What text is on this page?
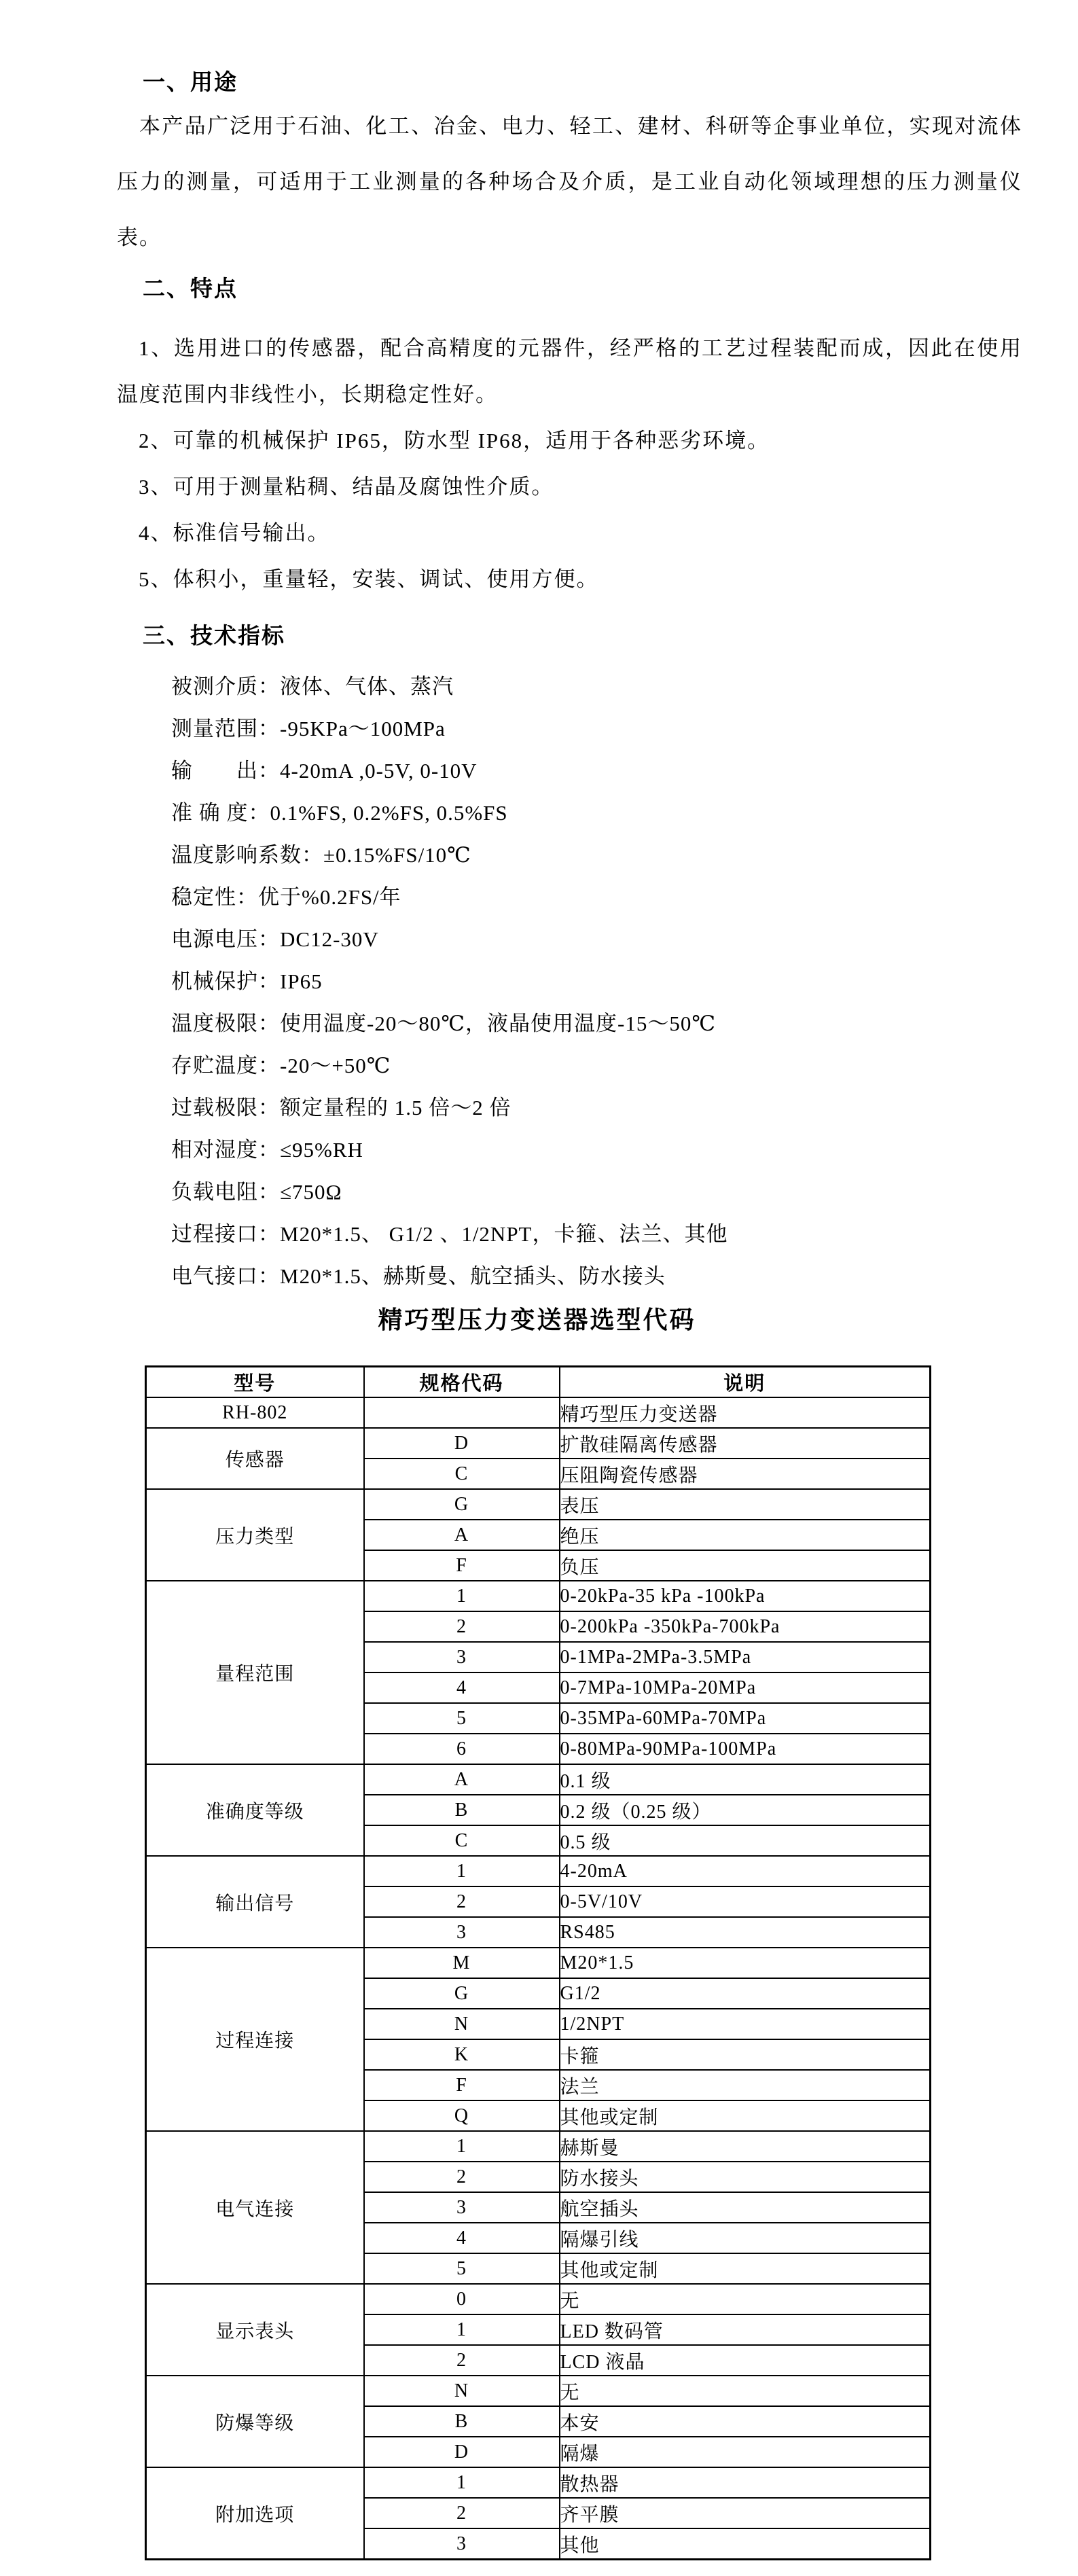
一、用途

本产品广泛用于石油、化工、冶金、电力、轻工、建材、科研等企事业单位，实现对流体压力的测量，可适用于工业测量的各种场合及介质，是工业自动化领域理想的压力测量仪表。

二、特点

1、选用进口的传感器，配合高精度的元器件，经严格的工艺过程装配而成，因此在使用温度范围内非线性小，长期稳定性好。

2、可靠的机械保护 IP65，防水型 IP68，适用于各种恶劣环境。

3、可用于测量粘稠、结晶及腐蚀性介质。

4、标准信号输出。

5、体积小，重量轻，安装、调试、使用方便。

三、技术指标

被测介质：液体、气体、蒸汽

测量范围：-95KPa～100MPa

输　　出：4-20mA ,0-5V, 0-10V

准 确 度：0.1%FS, 0.2%FS, 0.5%FS

温度影响系数：±0.15%FS/10℃

稳定性：优于%0.2FS/年

电源电压：DC12-30V

机械保护：IP65

温度极限：使用温度-20～80℃，液晶使用温度-15～50℃

存贮温度：-20～+50℃

过载极限：额定量程的 1.5 倍～2 倍

相对湿度：≤95%RH

负载电阻：≤750Ω

过程接口：M20*1.5、 G1/2 、1/2NPT，卡箍、法兰、其他

电气接口：M20*1.5、赫斯曼、航空插头、防水接头

精巧型压力变送器选型代码
型号	规格代码	说明
RH-802		精巧型压力变送器
传感器	D	扩散硅隔离传感器
	C	压阻陶瓷传感器
压力类型	G	表压
	A	绝压
	F	负压
量程范围	1	0-20kPa-35 kPa -100kPa
	2	0-200kPa -350kPa-700kPa
	3	0-1MPa-2MPa-3.5MPa
	4	0-7MPa-10MPa-20MPa
	5	0-35MPa-60MPa-70MPa
	6	0-80MPa-90MPa-100MPa
准确度等级	A	0.1 级
	B	0.2 级（0.25 级）
	C	0.5 级
输出信号	1	4-20mA
	2	0-5V/10V
	3	RS485
过程连接	M	M20*1.5
	G	G1/2
	N	1/2NPT
	K	卡箍
	F	法兰
	Q	其他或定制
电气连接	1	赫斯曼
	2	防水接头
	3	航空插头
	4	隔爆引线
	5	其他或定制
显示表头	0	无
	1	LED 数码管
	2	LCD 液晶
防爆等级	N	无
	B	本安
	D	隔爆
附加选项	1	散热器
	2	齐平膜
	3	其他
